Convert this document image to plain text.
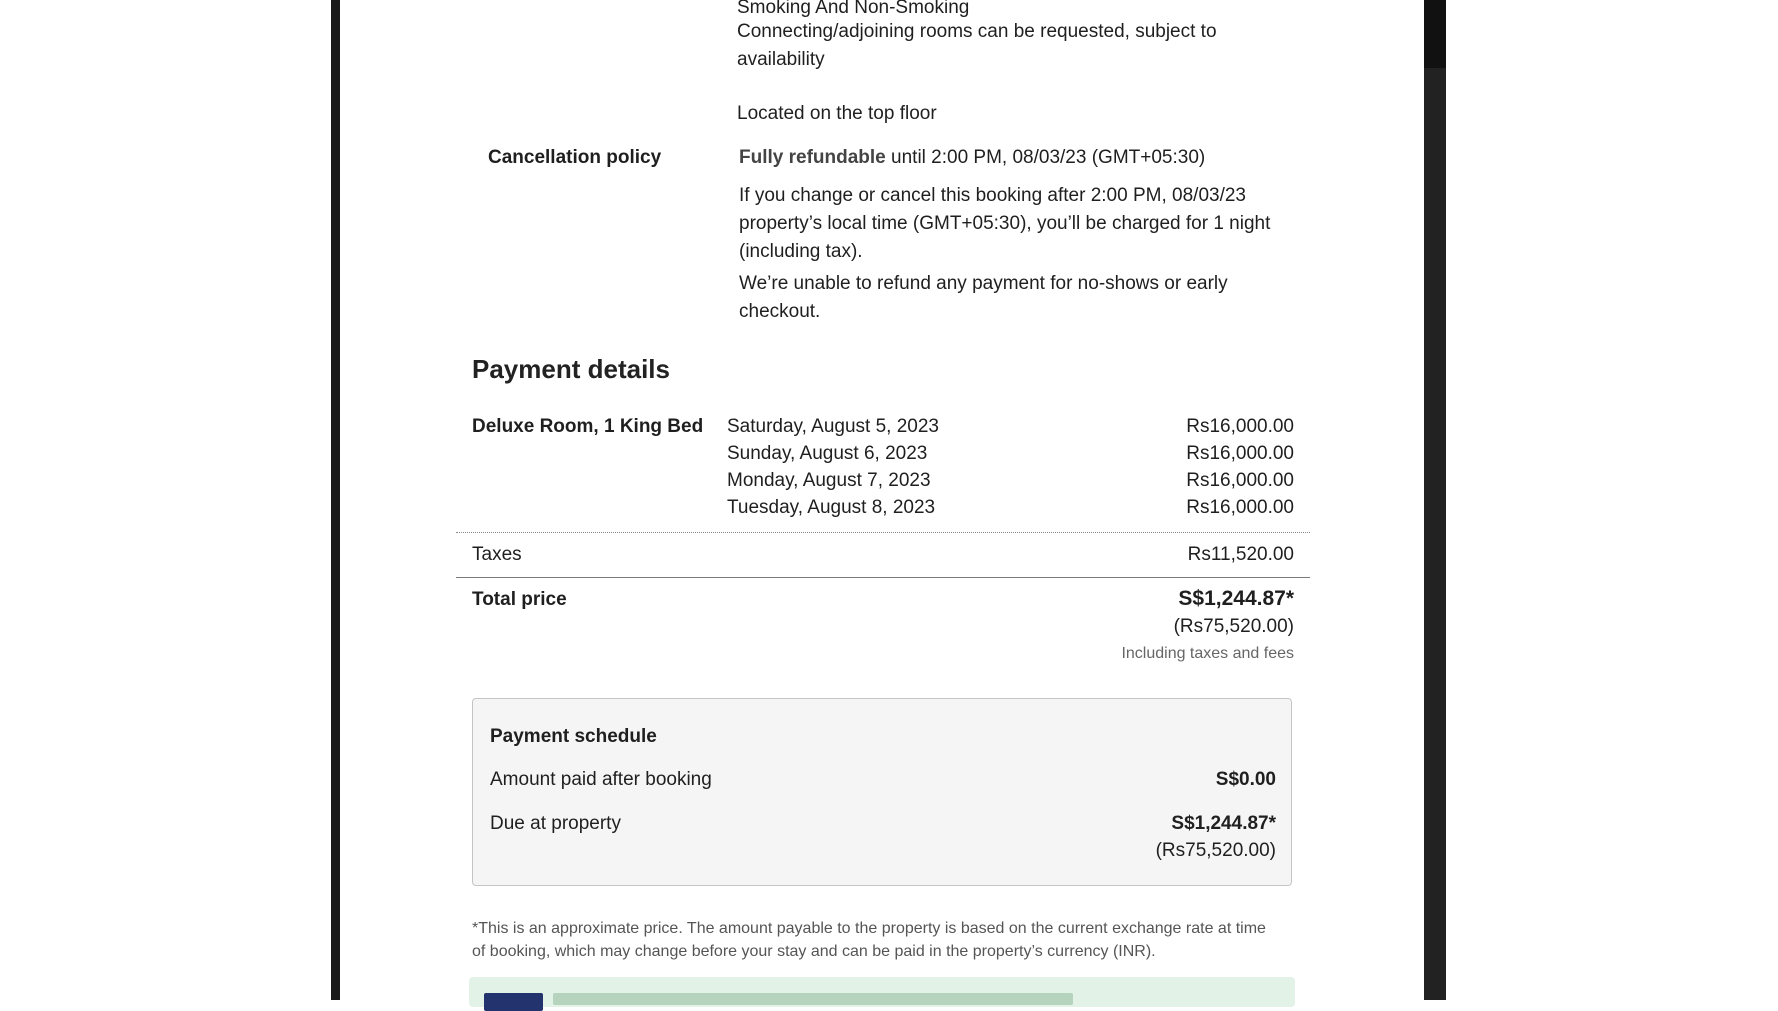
Smoking And Non-Smoking
Connecting/adjoining rooms can be requested, subject to
availability
Located on the top floor
Cancellation policy	Fully refundable until 2:00 PM, 08/03/23 (GMT+05:30)
If you change or cancel this booking after 2:00 PM, 08/03/23
property’s local time (GMT+05:30), you’ll be charged for 1 night
(including tax).
We’re unable to refund any payment for no-shows or early
checkout.
Payment details
Deluxe Room, 1 King Bed Saturday, August 5, 2023	Rs16,000.00
Sunday, August 6, 2023	Rs16,000.00
Monday, August 7, 2023	Rs16,000.00
Tuesday, August 8, 2023	Rs16,000.00
Taxes	Rs11,520.00
Total price	S$1,244.87*
(Rs75,520.00)
Including taxes and fees
Payment schedule
Amount paid after booking	S$0.00
Due at property	S$1,244.87*
(Rs75,520.00)
*This is an approximate price. The amount payable to the property is based on the current exchange rate at time
of booking, which may change before your stay and can be paid in the property’s currency (INR).
